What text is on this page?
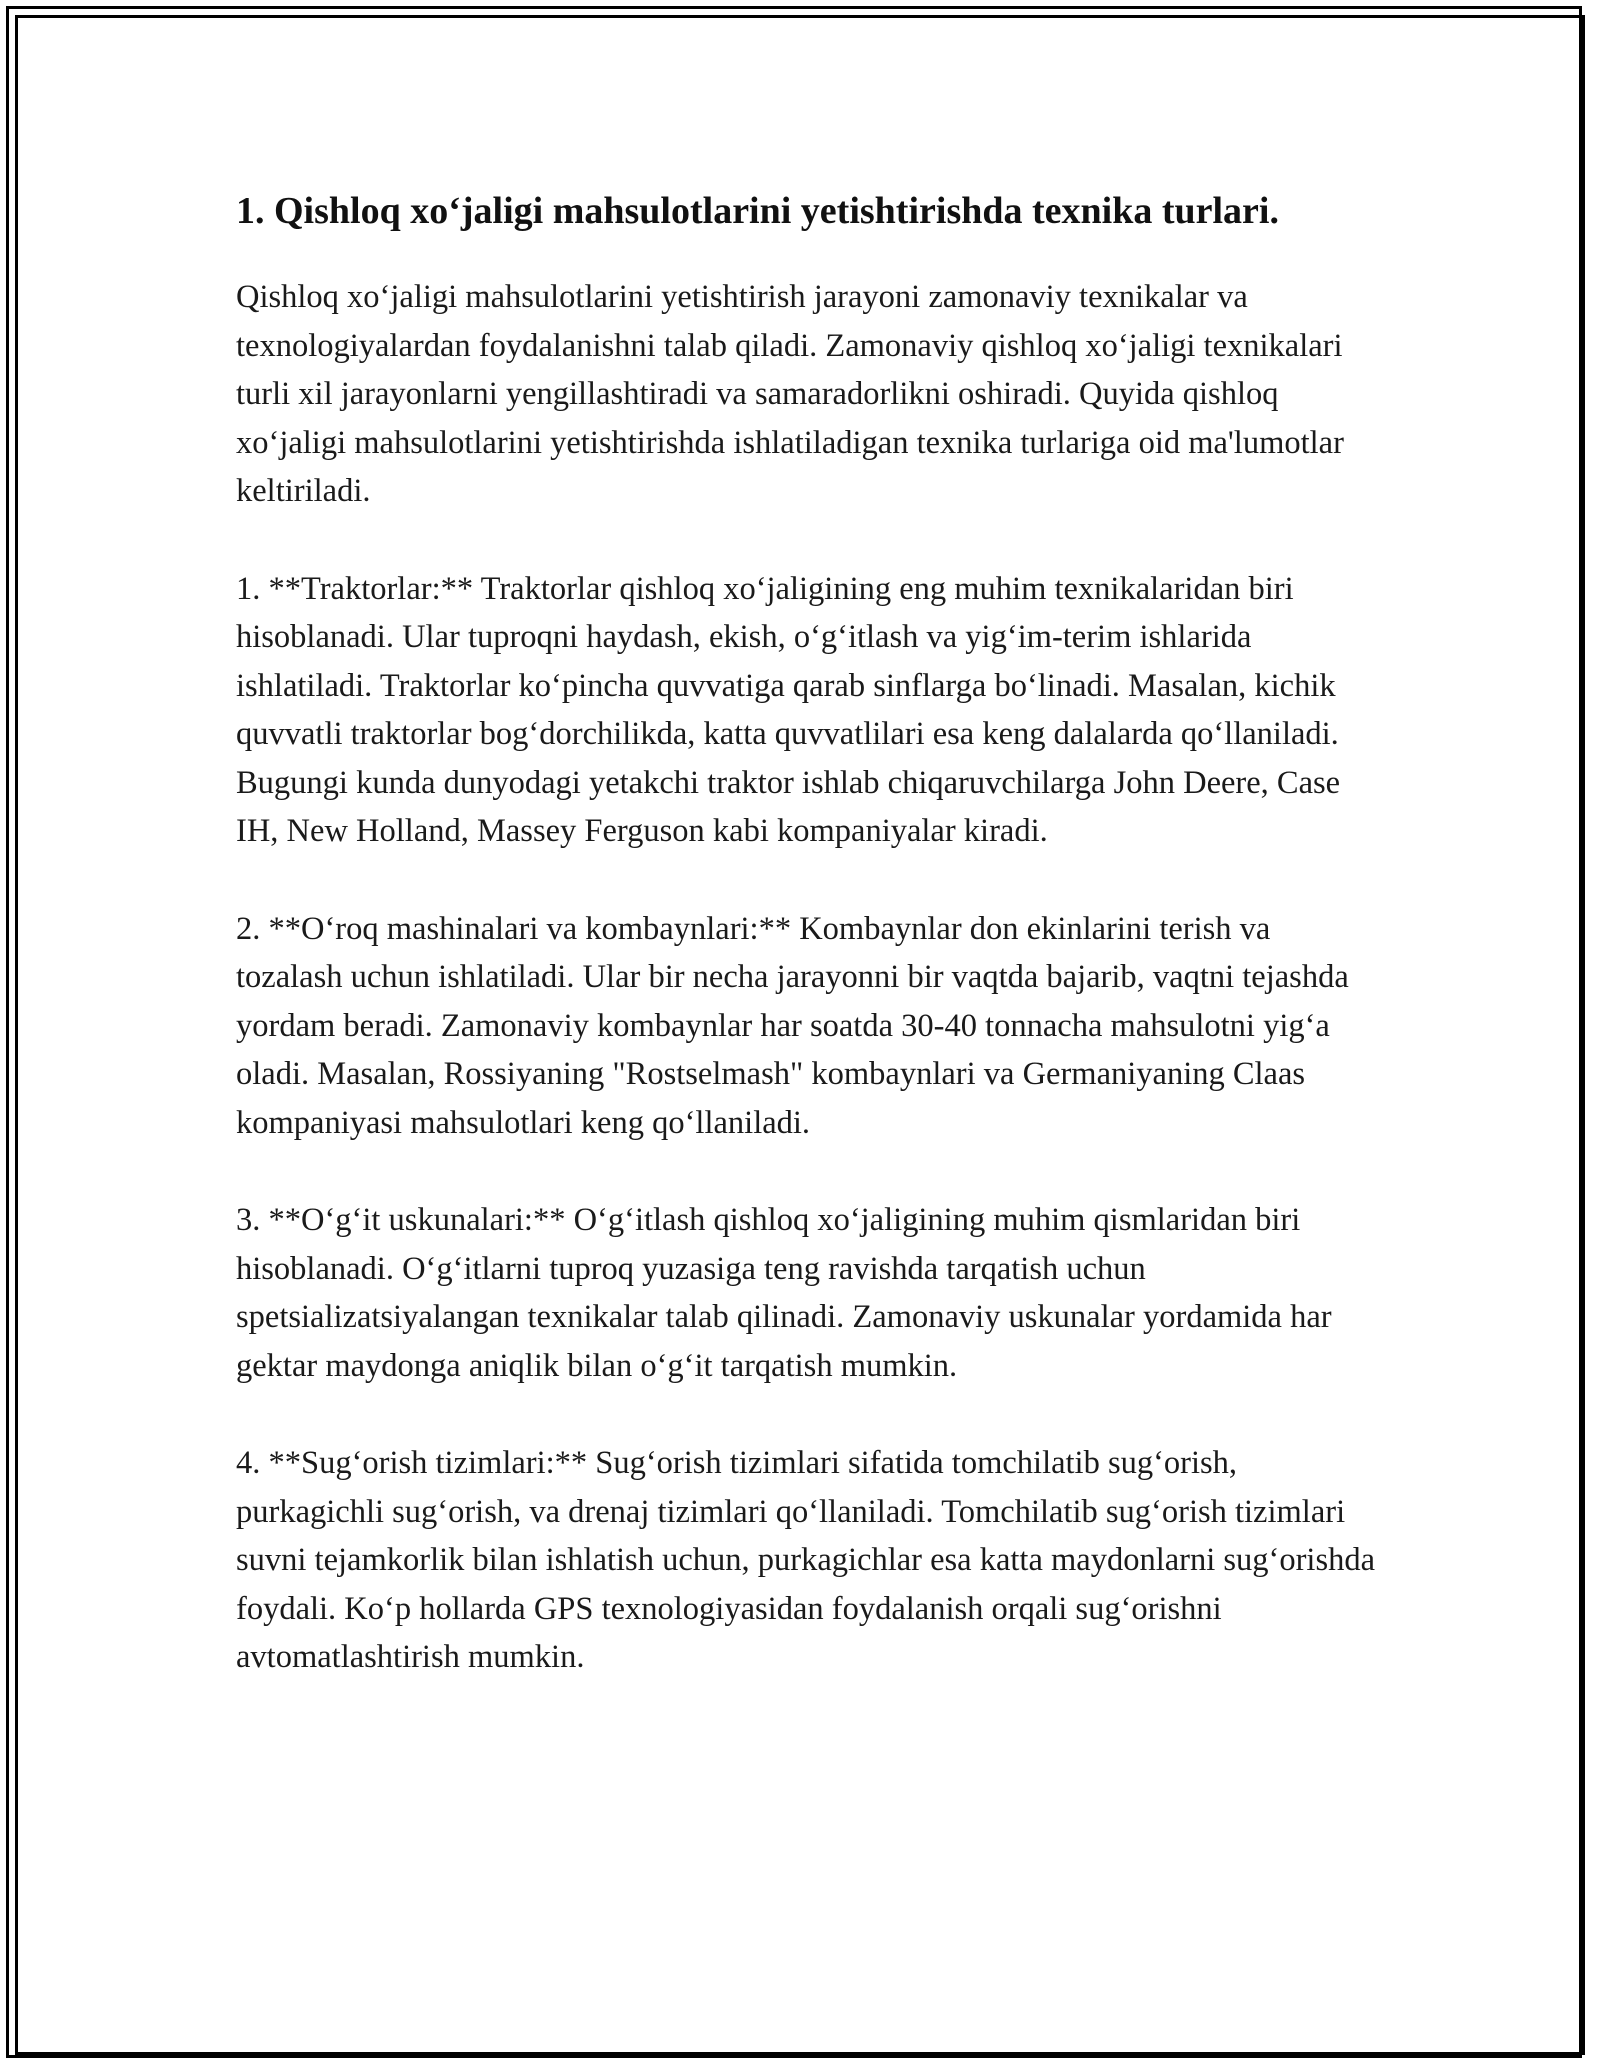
1. Qishloq xo‘jaligi mahsulotlarini yetishtirishda texnika turlari.

Qishloq xo‘jaligi mahsulotlarini yetishtirish jarayoni zamonaviy texnikalar va texnologiyalardan foydalanishni talab qiladi. Zamonaviy qishloq xo‘jaligi texnikalari turli xil jarayonlarni yengillashtiradi va samaradorlikni oshiradi. Quyida qishloq xo‘jaligi mahsulotlarini yetishtirishda ishlatiladigan texnika turlariga oid ma'lumotlar keltiriladi.

1. **Traktorlar:** Traktorlar qishloq xo‘jaligining eng muhim texnikalaridan biri hisoblanadi. Ular tuproqni haydash, ekish, o‘g‘itlash va yig‘im-terim ishlarida ishlatiladi. Traktorlar ko‘pincha quvvatiga qarab sinflarga bo‘linadi. Masalan, kichik quvvatli traktorlar bog‘dorchilikda, katta quvvatlilari esa keng dalalarda qo‘llaniladi. Bugungi kunda dunyodagi yetakchi traktor ishlab chiqaruvchilarga John Deere, Case IH, New Holland, Massey Ferguson kabi kompaniyalar kiradi.

2. **O‘roq mashinalari va kombaynlari:** Kombaynlar don ekinlarini terish va tozalash uchun ishlatiladi. Ular bir necha jarayonni bir vaqtda bajarib, vaqtni tejashda yordam beradi. Zamonaviy kombaynlar har soatda 30-40 tonnacha mahsulotni yig‘a oladi. Masalan, Rossiyaning "Rostselmash" kombaynlari va Germaniyaning Claas kompaniyasi mahsulotlari keng qo‘llaniladi.

3. **O‘g‘it uskunalari:** O‘g‘itlash qishloq xo‘jaligining muhim qismlaridan biri hisoblanadi. O‘g‘itlarni tuproq yuzasiga teng ravishda tarqatish uchun spetsializatsiyalangan texnikalar talab qilinadi. Zamonaviy uskunalar yordamida har gektar maydonga aniqlik bilan o‘g‘it tarqatish mumkin.

4. **Sug‘orish tizimlari:** Sug‘orish tizimlari sifatida tomchilatib sug‘orish, purkagichli sug‘orish, va drenaj tizimlari qo‘llaniladi. Tomchilatib sug‘orish tizimlari suvni tejamkorlik bilan ishlatish uchun, purkagichlar esa katta maydonlarni sug‘orishda foydali. Ko‘p hollarda GPS texnologiyasidan foydalanish orqali sug‘orishni avtomatlashtirish mumkin.
